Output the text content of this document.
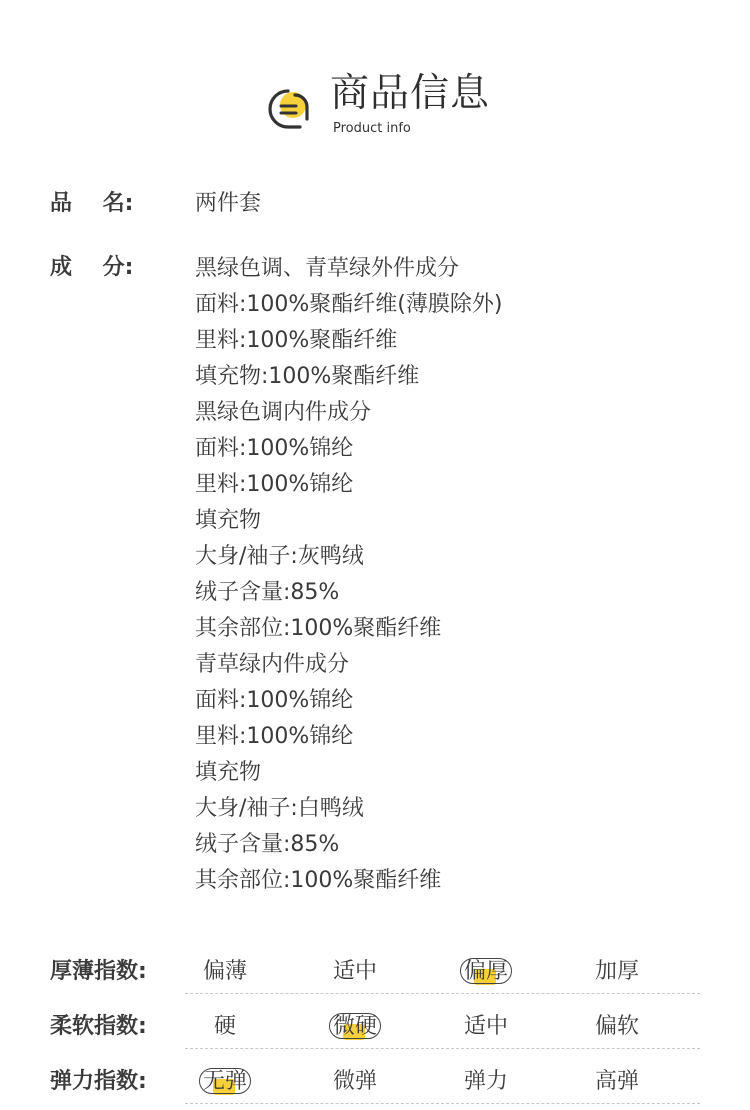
商品信息
Product info
品    名:	两件套
成    分:	黑绿色调、青草绿外件成分
面料:100%聚酯纤维(薄膜除外)
里料:100%聚酯纤维
填充物:100%聚酯纤维
黑绿色调内件成分
面料:100%锦纶
里料:100%锦纶
填充物
大身/袖子:灰鸭绒
绒子含量:85%
其余部位:100%聚酯纤维
青草绿内件成分
面料:100%锦纶
里料:100%锦纶
填充物
大身/袖子:白鸭绒
绒子含量:85%
其余部位:100%聚酯纤维
厚薄指数:	偏薄	适中	偏厚	加厚
柔软指数:	硬	微硬	适中	偏软
弹力指数:	无弹	微弹	弹力	高弹
